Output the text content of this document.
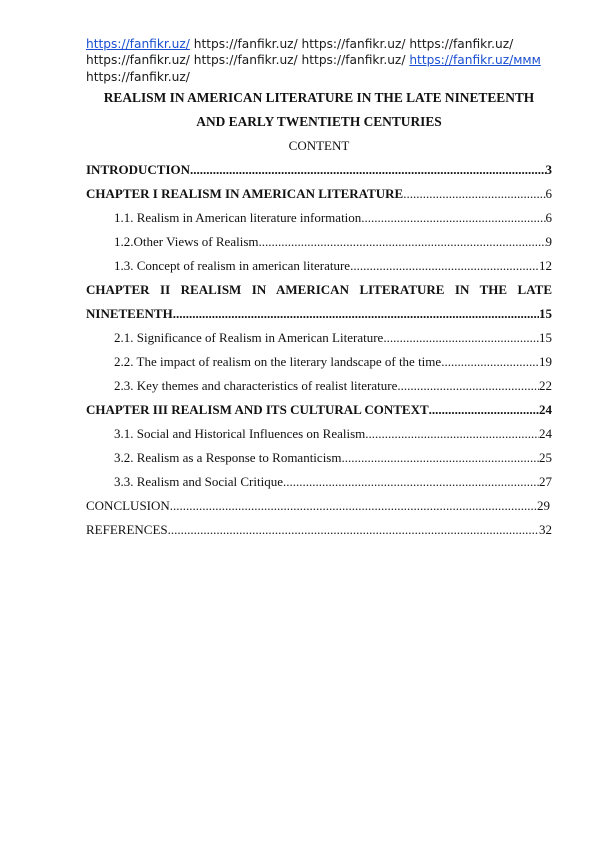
https://fanfikr.uz/ https://fanfikr.uz/ https://fanfikr.uz/ https://fanfikr.uz/
https://fanfikr.uz/ https://fanfikr.uz/ https://fanfikr.uz/ https://fanfikr.uz/ммм
https://fanfikr.uz/
REALISM IN AMERICAN LITERATURE IN THE LATE NINETEENTH
AND EARLY TWENTIETH CENTURIES
CONTENT
INTRODUCTION .....	3
CHAPTER I REALISM IN AMERICAN LITERATURE .....	6
1.1. Realism in American literature information .....	6
1.2.Other Views of Realism .....	9
1.3. Concept of realism in american literature .....	12
CHAPTER II REALISM IN AMERICAN LITERATURE IN THE LATE
NINETEENTH .....	15
2.1. Significance of Realism in American Literature .....	15
2.2. The impact of realism on the literary landscape of the time .....	19
2.3. Key themes and characteristics of realist literature .....	22
CHAPTER III REALISM AND ITS CULTURAL CONTEXT .....	24
3.1. Social and Historical Influences on Realism .....	24
3.2. Realism as a Response to Romanticism .....	25
3.3. Realism and Social Critique .....	27
CONCLUSION .....	29
REFERENCES .....	32
